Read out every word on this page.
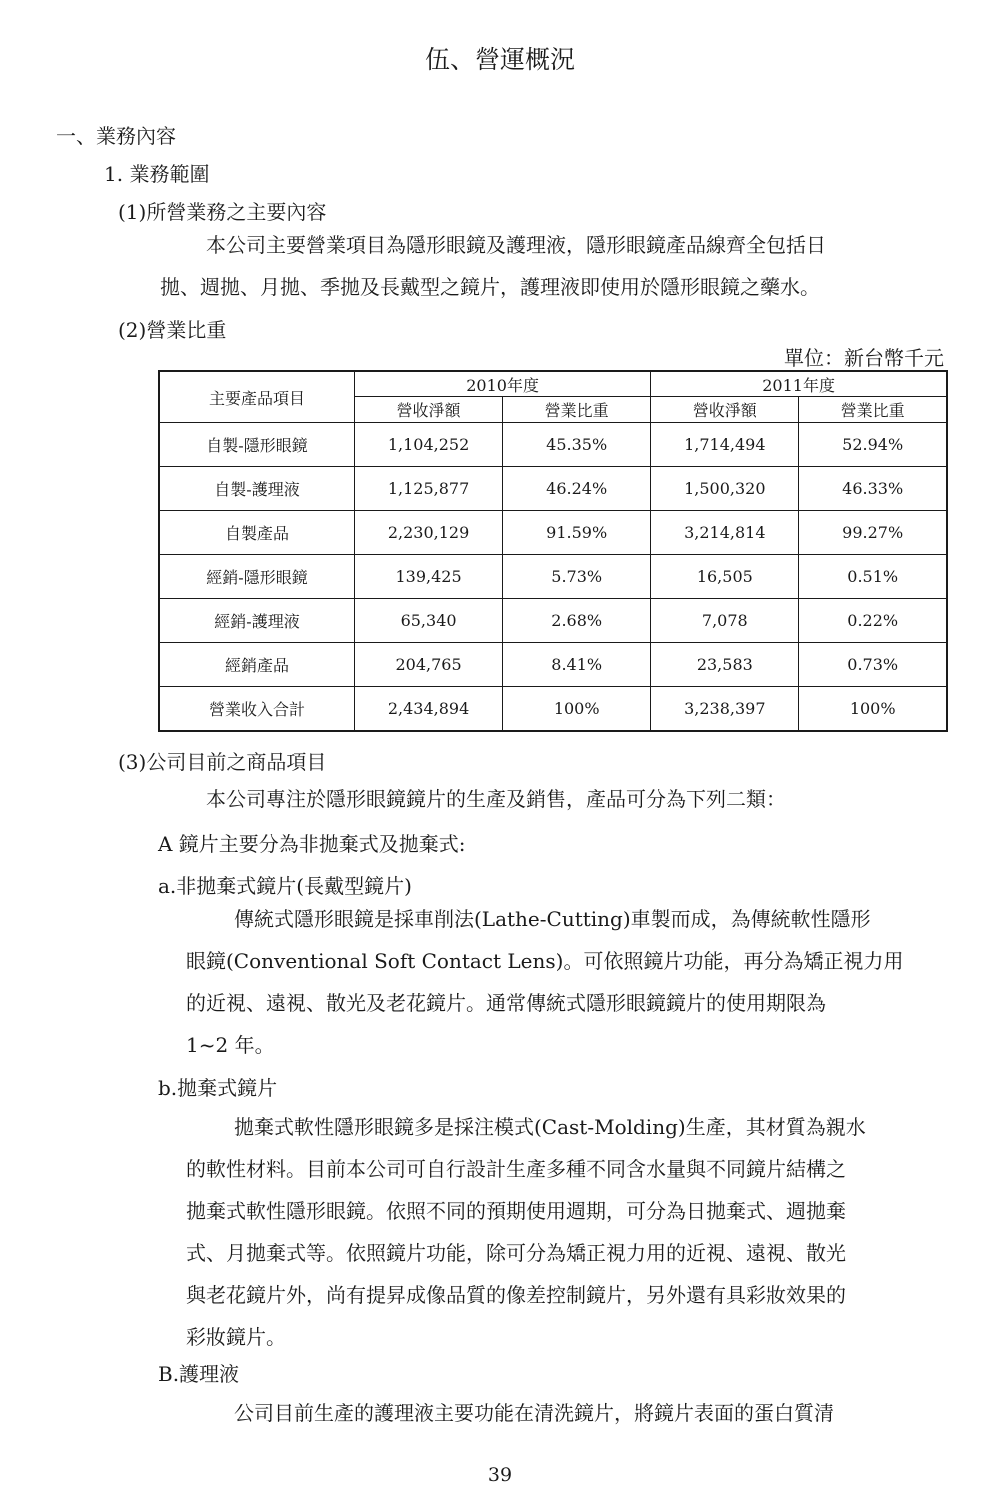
伍、營運概況
一、業務內容
1. 業務範圍
(1)所營業務之主要內容
本公司主要營業項目為隱形眼鏡及護理液，隱形眼鏡產品線齊全包括日
拋、週拋、月拋、季拋及長戴型之鏡片，護理液即使用於隱形眼鏡之藥水。
(2)營業比重
單位：新台幣千元
主要產品項目	2010年度		2011年度	
	營收淨額	營業比重	營收淨額	營業比重
自製-隱形眼鏡	1,104,252	45.35%	1,714,494	52.94%
自製-護理液	1,125,877	46.24%	1,500,320	46.33%
自製產品	2,230,129	91.59%	3,214,814	99.27%
經銷-隱形眼鏡	139,425	5.73%	16,505	0.51%
經銷-護理液	65,340	2.68%	7,078	0.22%
經銷產品	204,765	8.41%	23,583	0.73%
營業收入合計	2,434,894	100%	3,238,397	100%
(3)公司目前之商品項目
本公司專注於隱形眼鏡鏡片的生產及銷售，產品可分為下列二類：
A 鏡片主要分為非拋棄式及拋棄式:
a.非拋棄式鏡片(長戴型鏡片)
傳統式隱形眼鏡是採車削法(Lathe-Cutting)車製而成，為傳統軟性隱形
眼鏡(Conventional Soft Contact Lens)。可依照鏡片功能，再分為矯正視力用
的近視、遠視、散光及老花鏡片。通常傳統式隱形眼鏡鏡片的使用期限為
1~2 年。
b.拋棄式鏡片
拋棄式軟性隱形眼鏡多是採注模式(Cast-Molding)生產，其材質為親水
的軟性材料。目前本公司可自行設計生產多種不同含水量與不同鏡片結構之
拋棄式軟性隱形眼鏡。依照不同的預期使用週期，可分為日拋棄式、週拋棄
式、月拋棄式等。依照鏡片功能，除可分為矯正視力用的近視、遠視、散光
與老花鏡片外，尚有提昇成像品質的像差控制鏡片，另外還有具彩妝效果的
彩妝鏡片。
B.護理液
公司目前生產的護理液主要功能在清洗鏡片，將鏡片表面的蛋白質清
39
